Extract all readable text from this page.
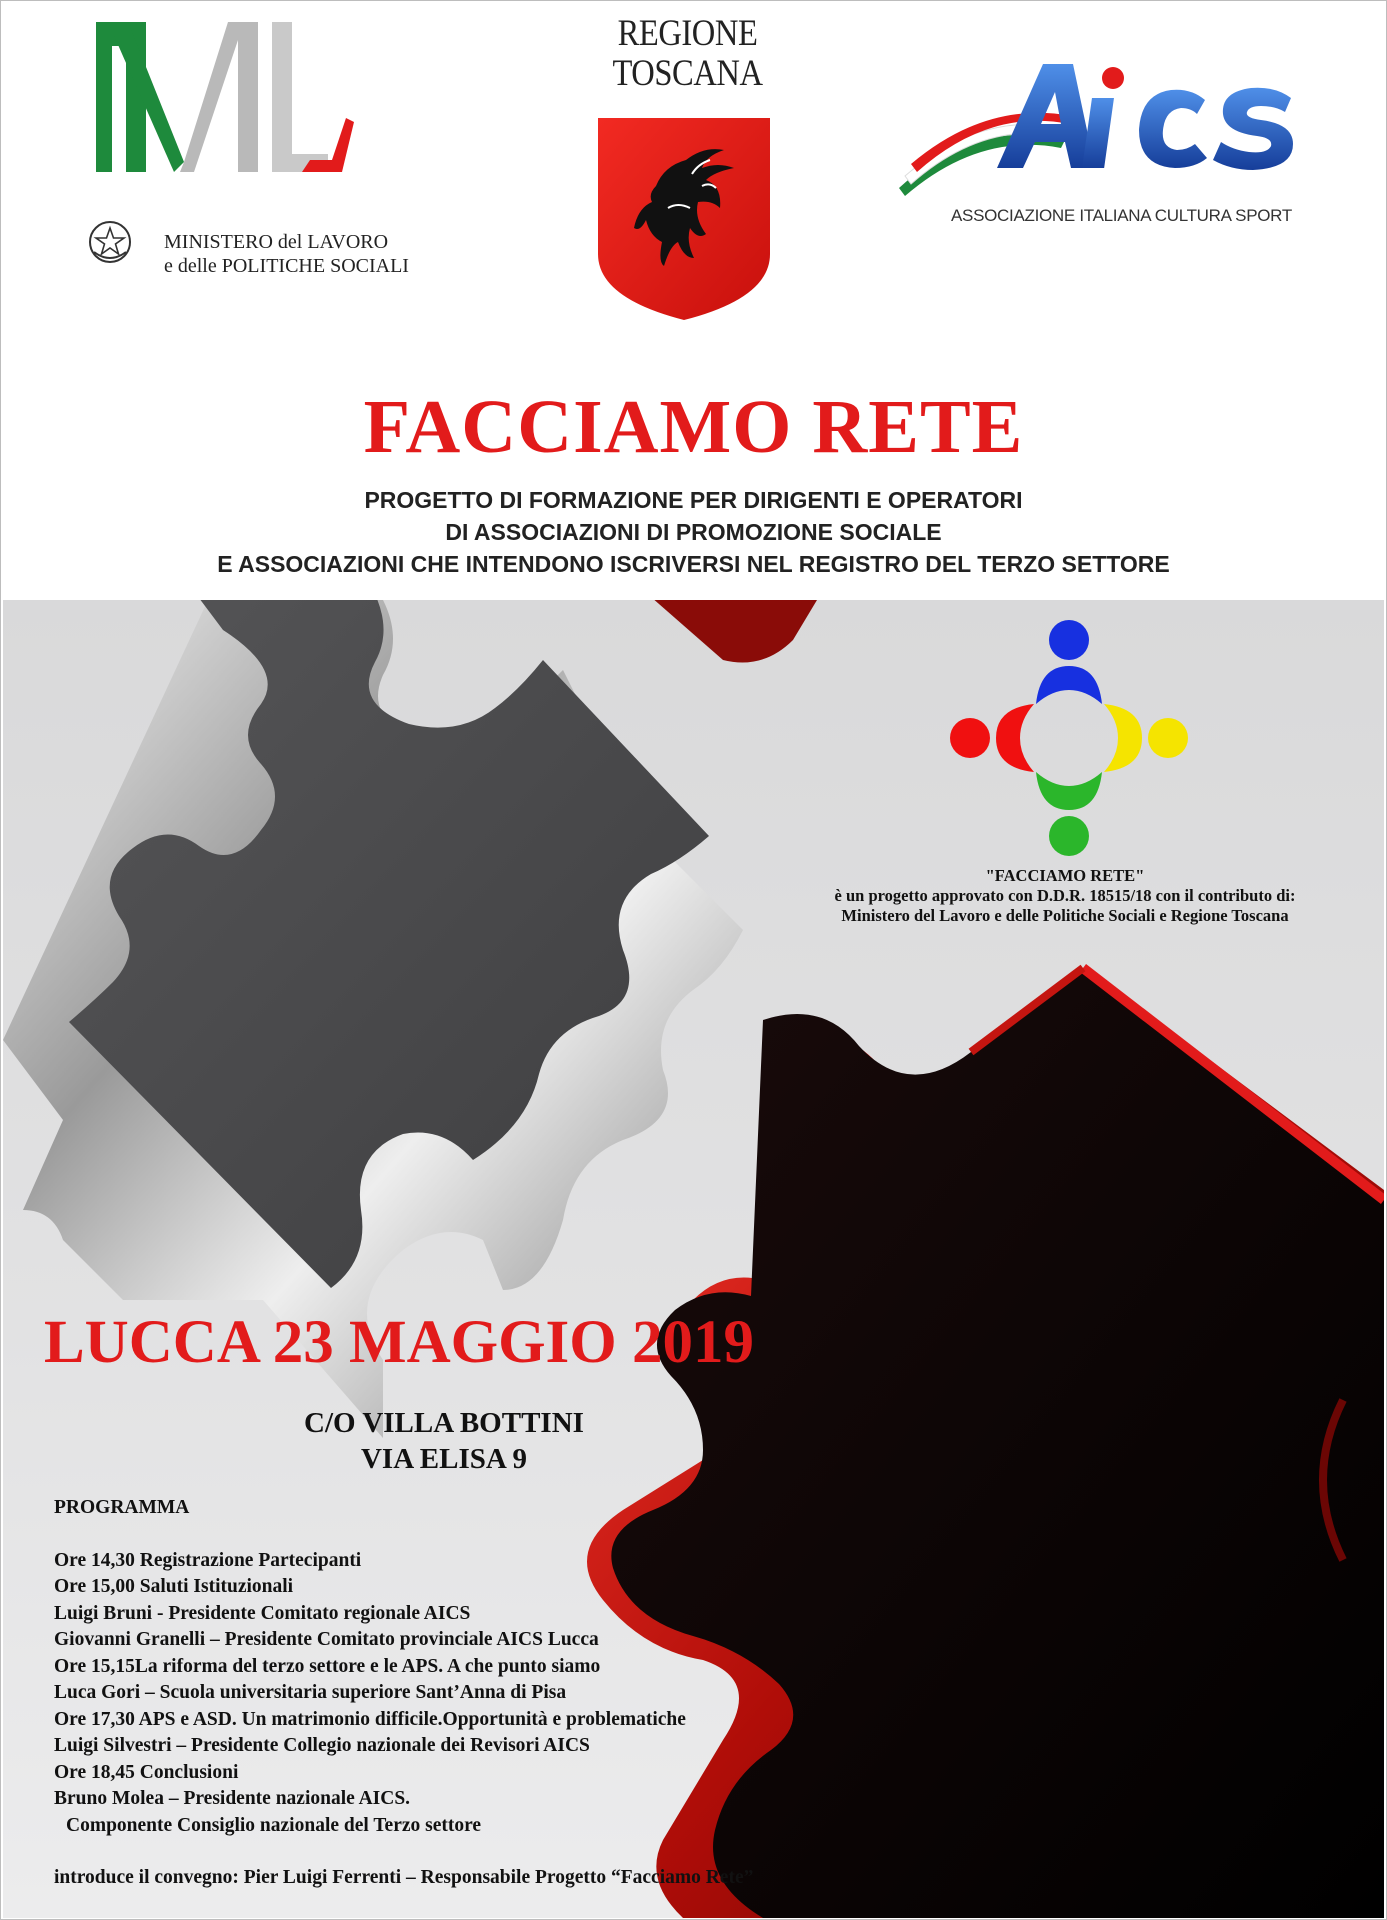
MINISTERO del LAVORO
e delle POLITICHE SOCIALI
REGIONE
TOSCANA
ASSOCIAZIONE ITALIANA CULTURA SPORT
FACCIAMO RETE
PROGETTO DI FORMAZIONE PER DIRIGENTI E OPERATORI
DI ASSOCIAZIONI DI PROMOZIONE SOCIALE
E ASSOCIAZIONI CHE INTENDONO ISCRIVERSI NEL REGISTRO DEL TERZO SETTORE
"FACCIAMO RETE"
è un progetto approvato con D.D.R. 18515/18 con il contributo di:
Ministero del Lavoro e delle Politiche Sociali e Regione Toscana
LUCCA 23 MAGGIO 2019
C/O VILLA BOTTINI
VIA ELISA 9
PROGRAMMA
Ore 14,30 Registrazione Partecipanti
Ore 15,00 Saluti Istituzionali
Luigi Bruni - Presidente Comitato regionale AICS
Giovanni Granelli – Presidente Comitato provinciale AICS Lucca
Ore 15,15La riforma del terzo settore e le APS. A che punto siamo
Luca Gori – Scuola universitaria superiore Sant’Anna di Pisa
Ore 17,30 APS e ASD. Un matrimonio difficile.Opportunità e problematiche
Luigi Silvestri – Presidente Collegio nazionale dei Revisori AICS
Ore 18,45 Conclusioni
Bruno Molea – Presidente nazionale AICS.
Componente Consiglio nazionale del Terzo settore
introduce il convegno: Pier Luigi Ferrenti – Responsabile Progetto “Facciamo Rete”
